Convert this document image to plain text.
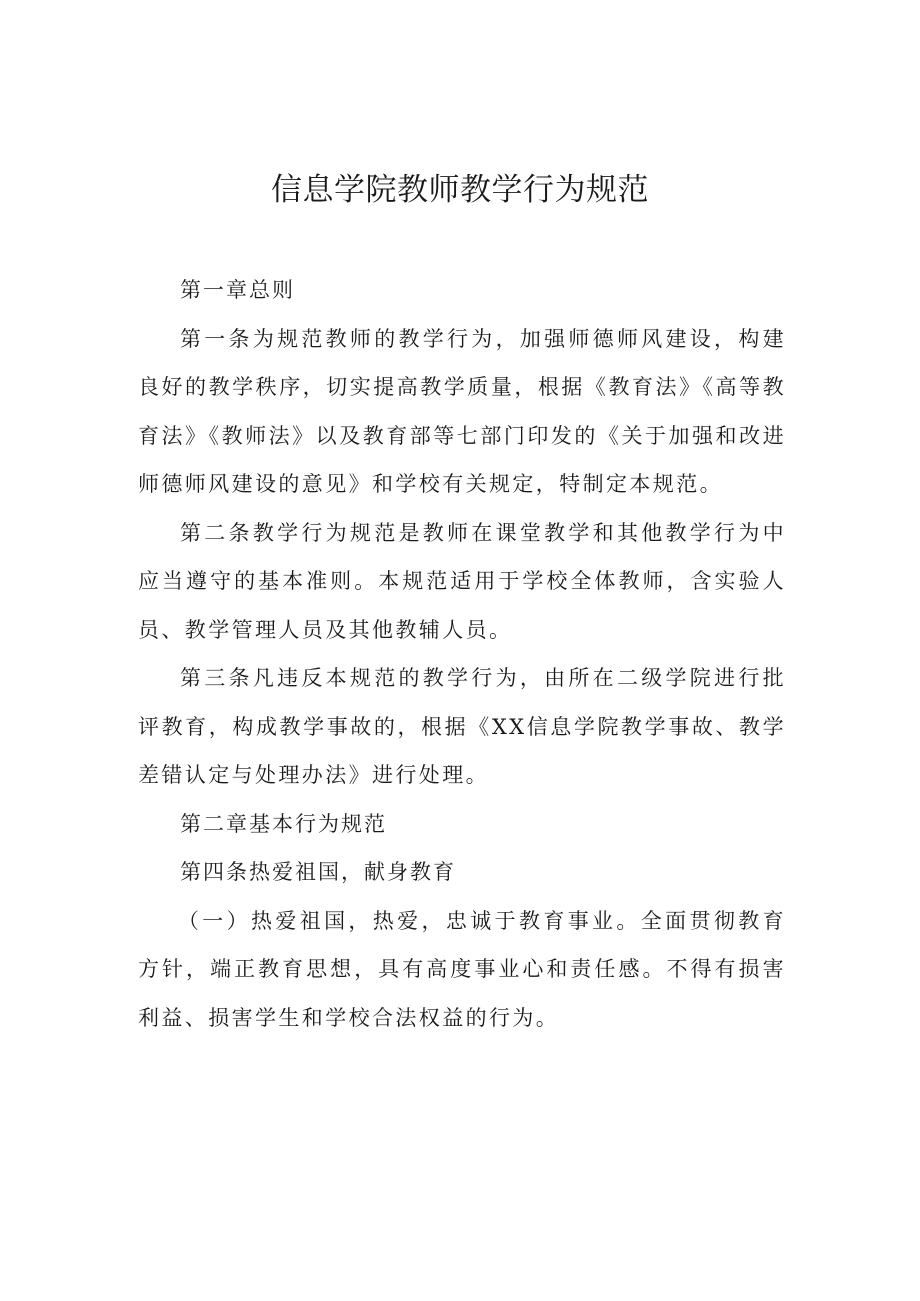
信息学院教师教学行为规范

第一章总则

第一条为规范教师的教学行为，加强师德师风建设，构建良好的教学秩序，切实提高教学质量，根据《教育法》《高等教育法》《教师法》以及教育部等七部门印发的《关于加强和改进师德师风建设的意见》和学校有关规定，特制定本规范。

第二条教学行为规范是教师在课堂教学和其他教学行为中应当遵守的基本准则。本规范适用于学校全体教师，含实验人员、教学管理人员及其他教辅人员。

第三条凡违反本规范的教学行为，由所在二级学院进行批评教育，构成教学事故的，根据《XX信息学院教学事故、教学差错认定与处理办法》进行处理。

第二章基本行为规范

第四条热爱祖国，献身教育

（一）热爱祖国，热爱，忠诚于教育事业。全面贯彻教育方针，端正教育思想，具有高度事业心和责任感。不得有损害利益、损害学生和学校合法权益的行为。
